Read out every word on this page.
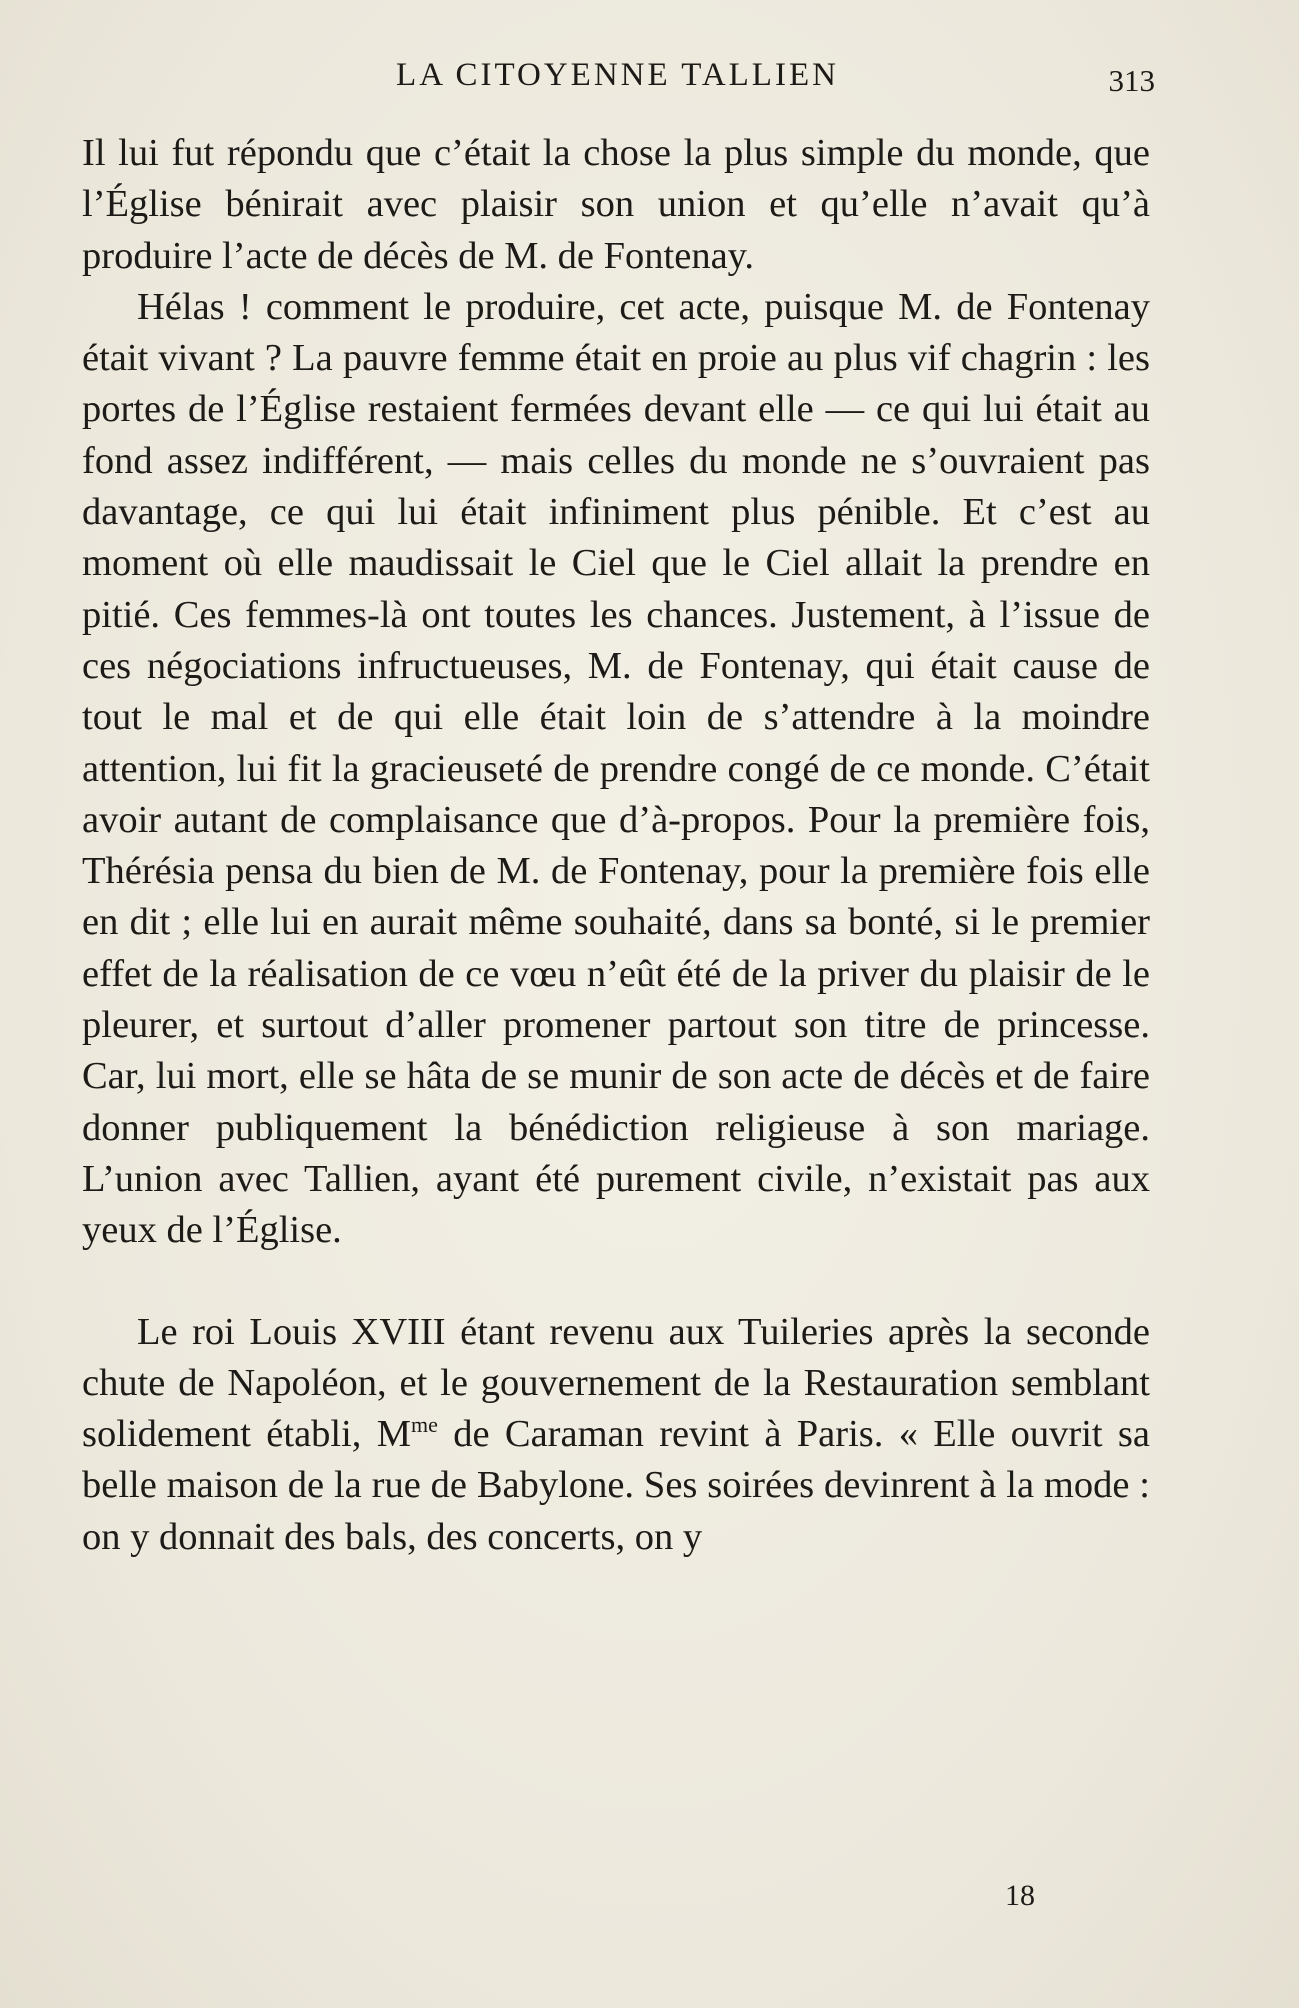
LA CITOYENNE TALLIEN	313

Il lui fut répondu que c’était la chose la plus simple du monde, que l’Église bénirait avec plaisir son union et qu’elle n’avait qu’à produire l’acte de décès de M. de Fontenay.

Hélas ! comment le produire, cet acte, puisque M. de Fontenay était vivant ? La pauvre femme était en proie au plus vif chagrin : les portes de l’Église restaient fermées devant elle — ce qui lui était au fond assez indifférent, — mais celles du monde ne s’ouvraient pas davantage, ce qui lui était infiniment plus pénible. Et c’est au moment où elle maudissait le Ciel que le Ciel allait la prendre en pitié. Ces femmes-là ont toutes les chances. Justement, à l’issue de ces négociations infructueuses, M. de Fontenay, qui était cause de tout le mal et de qui elle était loin de s’attendre à la moindre attention, lui fit la gracieuseté de prendre congé de ce monde. C’était avoir autant de complaisance que d’à-propos. Pour la première fois, Thérésia pensa du bien de M. de Fontenay, pour la première fois elle en dit ; elle lui en aurait même souhaité, dans sa bonté, si le premier effet de la réalisation de ce vœu n’eût été de la priver du plaisir de le pleurer, et surtout d’aller promener partout son titre de princesse. Car, lui mort, elle se hâta de se munir de son acte de décès et de faire donner publiquement la bénédiction religieuse à son mariage. L’union avec Tallien, ayant été purement civile, n’existait pas aux yeux de l’Église.

Le roi Louis XVIII étant revenu aux Tuileries après la seconde chute de Napoléon, et le gouvernement de la Restauration semblant solidement établi, $M^{me}$ de Caraman revint à Paris. « Elle ouvrit sa belle maison de la rue de Babylone. Ses soirées devinrent à la mode : on y donnait des bals, des concerts, on y

18
